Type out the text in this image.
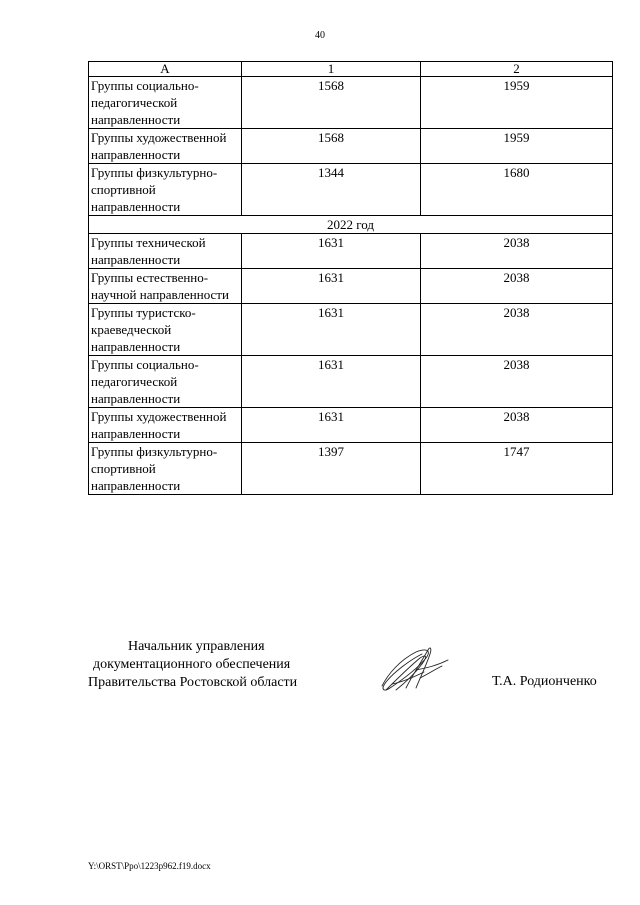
40
А	1	2
Группы социально-педагогической направленности	1568	1959
Группы художественной направленности	1568	1959
Группы физкультурно-спортивной направленности	1344	1680
2022 год		
Группы технической направленности	1631	2038
Группы естественно-научной направленности	1631	2038
Группы туристско-краеведческой направленности	1631	2038
Группы социально-педагогической направленности	1631	2038
Группы художественной направленности	1631	2038
Группы физкультурно-спортивной направленности	1397	1747
Начальник управления
документационного обеспечения
Правительства Ростовской области	Т.А. Родионченко
Y:\ORST\Ppo\1223p962.f19.docx
